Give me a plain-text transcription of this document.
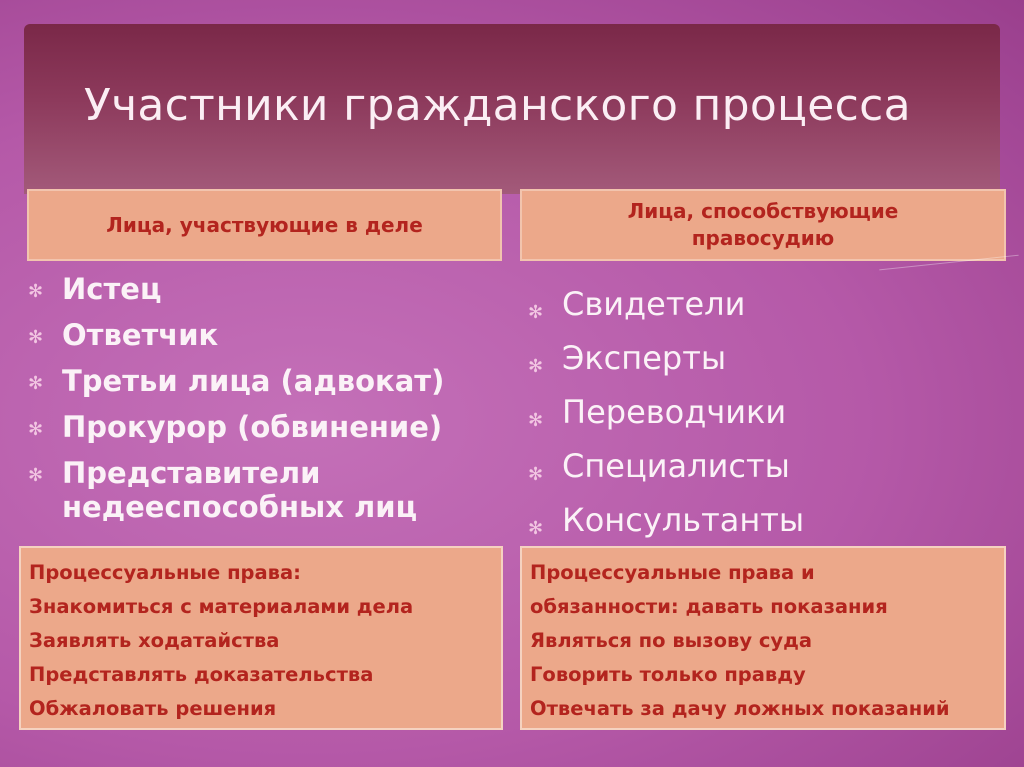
Участники гражданского процесса
Лица, участвующие в деле
Лица, способствующие
правосудию
✻ Истец
✻ Ответчик
✻ Третьи лица (адвокат)
✻ Прокурор (обвинение)
✻ Представители недееспособных лиц
✻ Свидетели
✻ Эксперты
✻ Переводчики
✻ Специалисты
✻ Консультанты
Процессуальные права:
Знакомиться с материалами дела
Заявлять ходатайства
Представлять доказательства
Обжаловать решения
Процессуальные права и
обязанности: давать показания
Являться по вызову суда
Говорить только правду
Отвечать за дачу ложных показаний
